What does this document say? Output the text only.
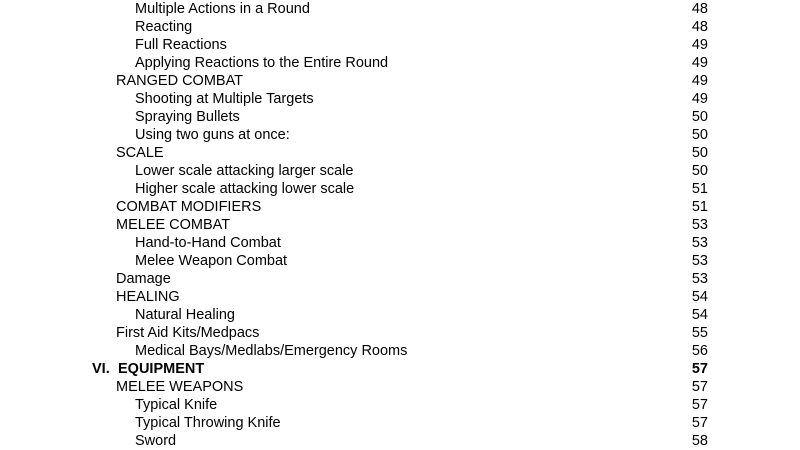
Multiple Actions in a Round	48
Reacting	48
Full Reactions	49
Applying Reactions to the Entire Round	49
RANGED COMBAT	49
Shooting at Multiple Targets	49
Spraying Bullets	50
Using two guns at once:	50
SCALE	50
Lower scale attacking larger scale	50
Higher scale attacking lower scale	51
COMBAT MODIFIERS	51
MELEE COMBAT	53
Hand-to-Hand Combat	53
Melee Weapon Combat	53
Damage	53
HEALING	54
Natural Healing	54
First Aid Kits/Medpacs	55
Medical Bays/Medlabs/Emergency Rooms	56
VI. EQUIPMENT	57
MELEE WEAPONS	57
Typical Knife	57
Typical Throwing Knife	57
Sword	58
